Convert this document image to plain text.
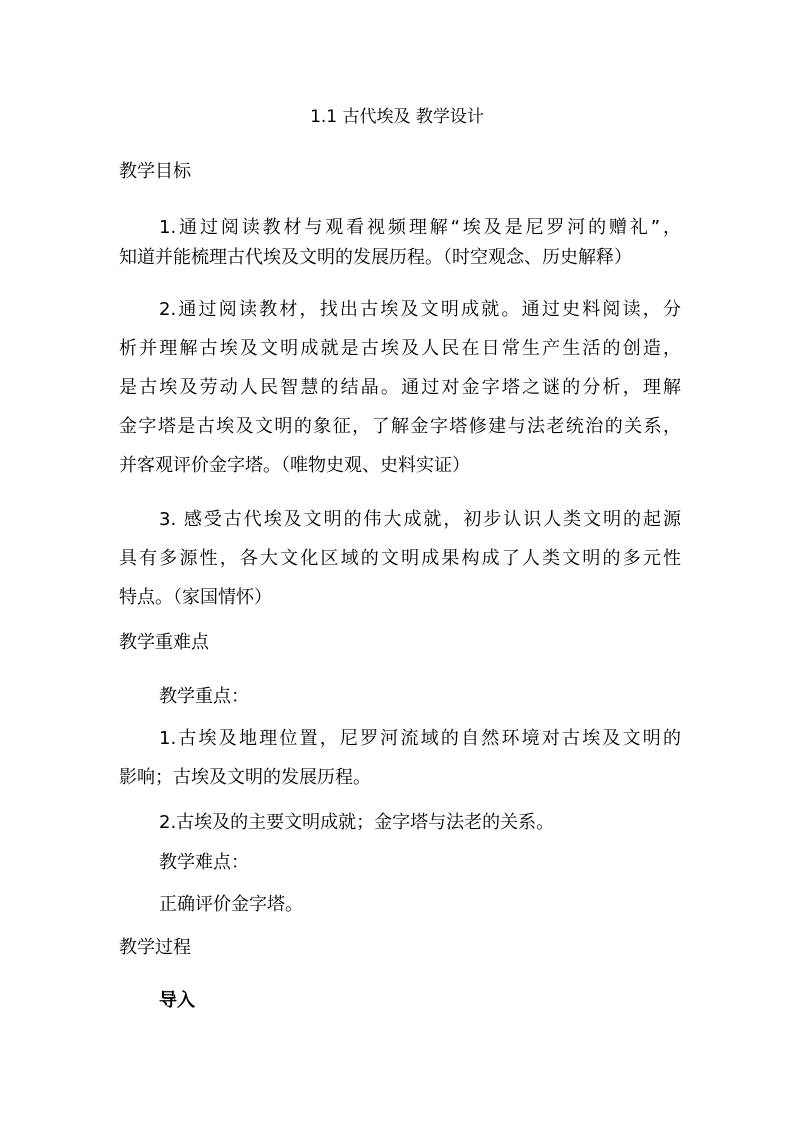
1.1 古代埃及 教学设计
教学目标
1.通过阅读教材与观看视频理解“埃及是尼罗河的赠礼”，
知道并能梳理古代埃及文明的发展历程。（时空观念、历史解释）
2.通过阅读教材，找出古埃及文明成就。通过史料阅读，分
析并理解古埃及文明成就是古埃及人民在日常生产生活的创造，
是古埃及劳动人民智慧的结晶。通过对金字塔之谜的分析，理解
金字塔是古埃及文明的象征，了解金字塔修建与法老统治的关系，
并客观评价金字塔。（唯物史观、史料实证）
3. 感受古代埃及文明的伟大成就，初步认识人类文明的起源
具有多源性，各大文化区域的文明成果构成了人类文明的多元性
特点。（家国情怀）
教学重难点
教学重点：
1.古埃及地理位置，尼罗河流域的自然环境对古埃及文明的
影响；古埃及文明的发展历程。
2.古埃及的主要文明成就；金字塔与法老的关系。
教学难点：
正确评价金字塔。
教学过程
导入
